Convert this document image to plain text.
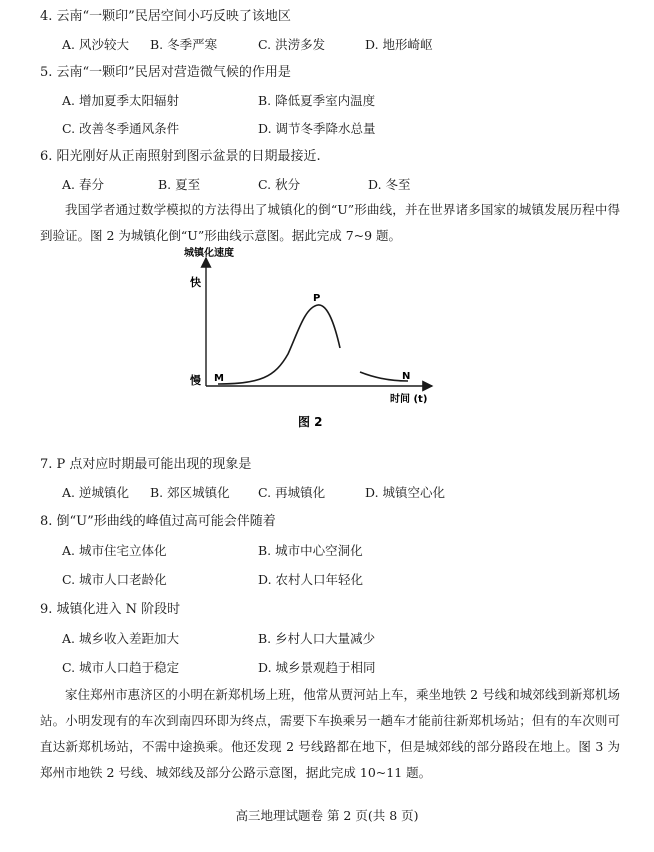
4. 云南“一颗印”民居空间小巧反映了该地区
A. 风沙较大 B. 冬季严寒	C. 洪涝多发	D. 地形崎岖
5. 云南“一颗印”民居对营造微气候的作用是
A. 增加夏季太阳辐射	B. 降低夏季室内温度
C. 改善冬季通风条件	D. 调节冬季降水总量
6. 阳光刚好从正南照射到图示盆景的日期最接近.
A. 春分	B. 夏至	C. 秋分	D. 冬至
我国学者通过数学模拟的方法得出了城镇化的倒“U”形曲线，并在世界诸多国家的城镇发展历程中得到验证。图 2 为城镇化倒“U”形曲线示意图。据此完成 7~9 题。
城镇化速度
快
慢 M
P
N
时间 (t)
图 2
7. P 点对应时期最可能出现的现象是
A. 逆城镇化 B. 郊区城镇化 C. 再城镇化	D. 城镇空心化
8. 倒“U”形曲线的峰值过高可能会伴随着
A. 城市住宅立体化	B. 城市中心空洞化
C. 城市人口老龄化	D. 农村人口年轻化
9. 城镇化进入 N 阶段时
A. 城乡收入差距加大	B. 乡村人口大量减少
C. 城市人口趋于稳定	D. 城乡景观趋于相同
家住郑州市惠济区的小明在新郑机场上班，他常从贾河站上车，乘坐地铁 2 号线和城郊线到新郑机场站。小明发现有的车次到南四环即为终点，需要下车换乘另一趟车才能前往新郑机场站；但有的车次则可直达新郑机场站，不需中途换乘。他还发现 2 号线路都在地下，但是城郊线的部分路段在地上。图 3 为郑州市地铁 2 号线、城郊线及部分公路示意图，据此完成 10~11 题。
高三地理试题卷 第 2 页(共 8 页)
